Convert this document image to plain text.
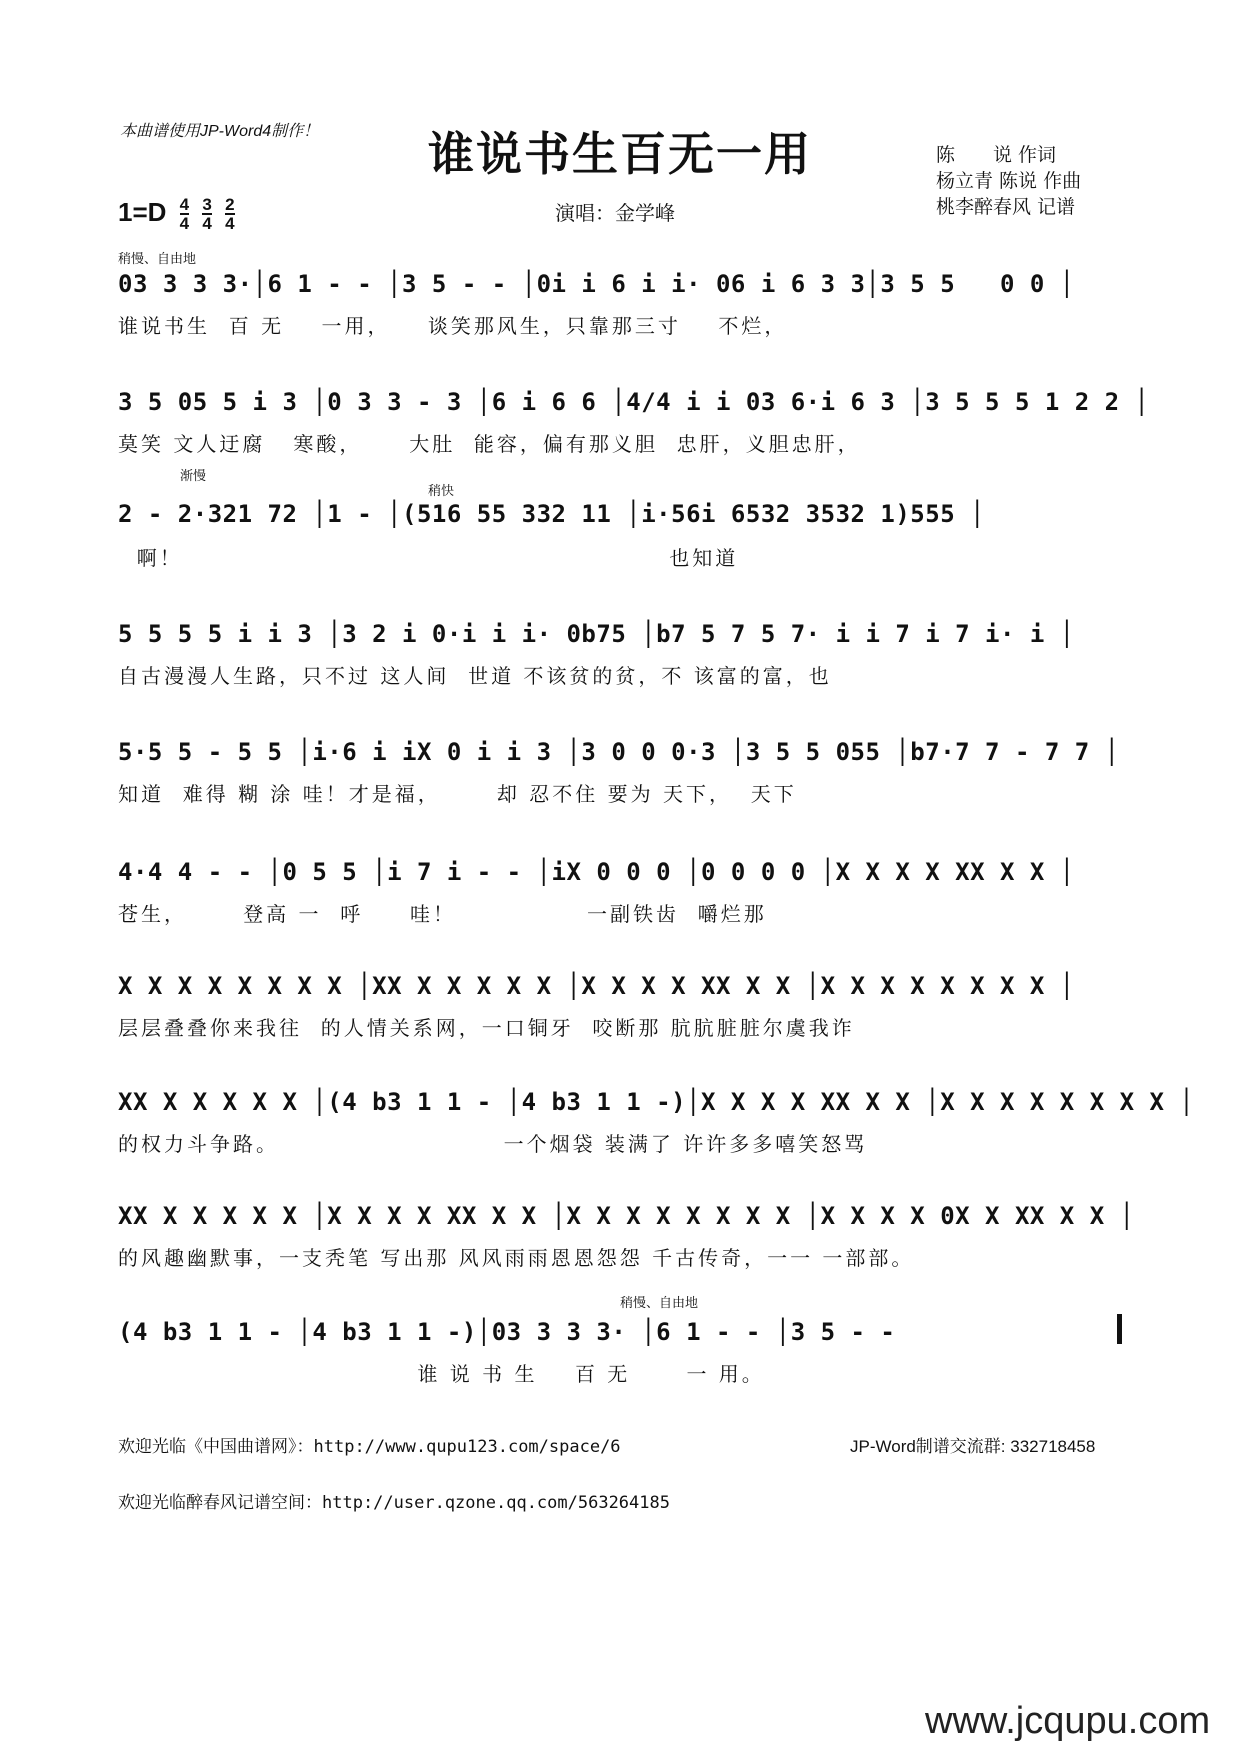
本曲谱使用JP-Word4制作！	谁说书生百无一用	陈　　说 作词
杨立青 陈说 作曲
桃李醉春风 记谱
$1=D \frac{4}{4}$
$\frac{3}{4}$
$\frac{2}{4}$	演唱：金学峰
稍慢、自由地
03 3 3 3·│6 1 - - │3 5 - - │0i i 6 i i· 06 i 6 3 3│3 5 5   0 0 │
谁说书生  百 无    一用，    谈笑那风生，只靠那三寸    不烂，
3 5 05 5 i 3 │0 3 3 - 3 │6 i 6 6 │4/4 i i 03 6·i 6 3 │3 5 5 5 1 2 2 │
莫笑 文人迂腐   寒酸，     大肚  能容，偏有那义胆  忠肝，义胆忠肝，
渐慢
稍快
2 - 2·321 72 │1 - │(516 55 332 11 │i·56i 6532 3532 1)555 │
啊！                                                    也知道
5 5 5 5 i i 3 │3 2 i 0·i i i· 0b75 │b7 5 7 5 7· i i 7 i 7 i· i │
自古漫漫人生路，只不过 这人间  世道 不该贫的贫，不 该富的富，也
5·5 5 - 5 5 │i·6 i iX 0 i i 3 │3 0 0 0·3 │3 5 5 055 │b7·7 7 - 7 7 │
知道  难得 糊 涂 哇！才是福，      却 忍不住 要为 天下，  天下
4·4 4 - - │0 5 5 │i 7 i - - │iX 0 0 0 │0 0 0 0 │X X X X XX X X │
苍生，      登高 一  呼     哇！              一副铁齿  嚼烂那
X X X X X X X X │XX X X X X X │X X X X XX X X │X X X X X X X X │
层层叠叠你来我往  的人情关系网，一口铜牙  咬断那 肮肮脏脏尔虞我诈
XX X X X X X │(4 b3 1 1 - │4 b3 1 1 -)│X X X X XX X X │X X X X X X X X │
的权力斗争路。                        一个烟袋 装满了 许许多多嘻笑怒骂
XX X X X X X │X X X X XX X X │X X X X X X X X │X X X X 0X X XX X X │
的风趣幽默事，一支秃笔 写出那 风风雨雨恩恩怨怨 千古传奇，一一 一部部。
稍慢、自由地
(4 b3 1 1 - │4 b3 1 1 -)│03 3 3 3· │6 1 - - │3 5 - -
谁 说 书 生    百 无      一 用。
欢迎光临《中国曲谱网》：http://www.qupu123.com/space/6	JP-Word制谱交流群: 332718458
欢迎光临醉春风记谱空间：http://user.qzone.qq.com/563264185
www.jcqupu.com
